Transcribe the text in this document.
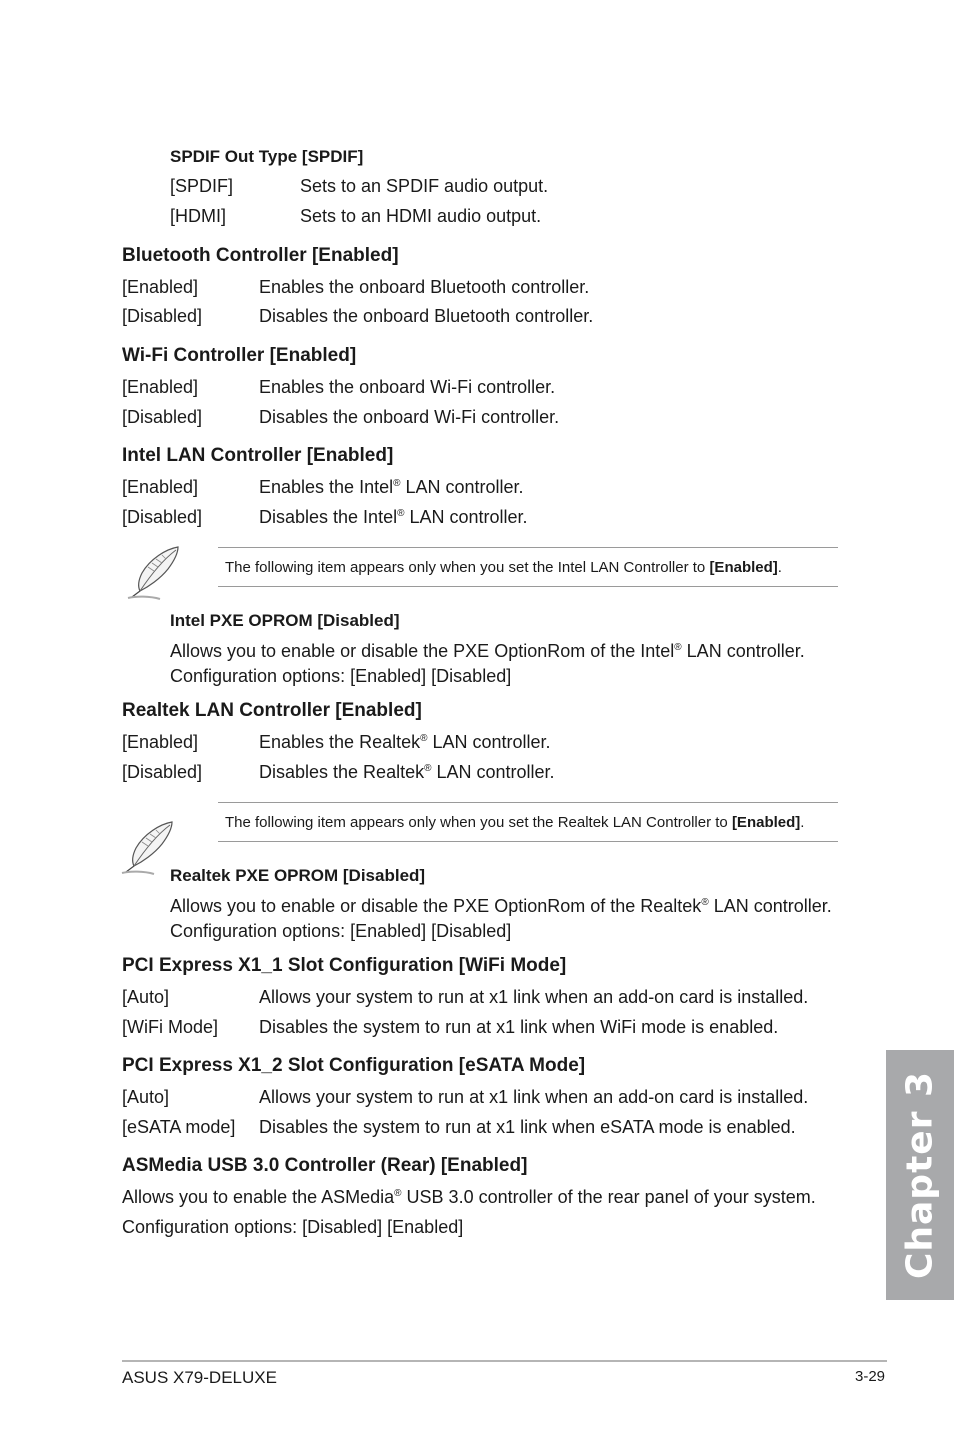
SPDIF Out Type [SPDIF]
[SPDIF]	Sets to an SPDIF audio output.
[HDMI]	Sets to an HDMI audio output.
Bluetooth Controller [Enabled]
[Enabled]	Enables the onboard Bluetooth controller.
[Disabled]	Disables the onboard Bluetooth controller.
Wi-Fi Controller [Enabled]
[Enabled]	Enables the onboard Wi-Fi controller.
[Disabled]	Disables the onboard Wi-Fi controller.
Intel LAN Controller [Enabled]
[Enabled]	Enables the Intel® LAN controller.
[Disabled]	Disables the Intel® LAN controller.
The following item appears only when you set the Intel LAN Controller to [Enabled].
Intel PXE OPROM [Disabled]
Allows you to enable or disable the PXE OptionRom of the Intel® LAN controller.
Configuration options: [Enabled] [Disabled]
Realtek LAN Controller [Enabled]
[Enabled]	Enables the Realtek® LAN controller.
[Disabled]	Disables the Realtek® LAN controller.
The following item appears only when you set the Realtek LAN Controller to [Enabled].
Realtek PXE OPROM [Disabled]
Allows you to enable or disable the PXE OptionRom of the Realtek® LAN controller.
Configuration options: [Enabled] [Disabled]
PCI Express X1_1 Slot Configuration [WiFi Mode]
[Auto]	Allows your system to run at x1 link when an add-on card is installed.
[WiFi Mode] Disables the system to run at x1 link when WiFi mode is enabled.
PCI Express X1_2 Slot Configuration [eSATA Mode]
[Auto]	Allows your system to run at x1 link when an add-on card is installed.
[eSATA mode] Disables the system to run at x1 link when eSATA mode is enabled.
ASMedia USB 3.0 Controller (Rear) [Enabled]
Allows you to enable the ASMedia® USB 3.0 controller of the rear panel of your system.
Configuration options: [Disabled] [Enabled]	Chapter 3
ASUS X79-DELUXE	3-29
